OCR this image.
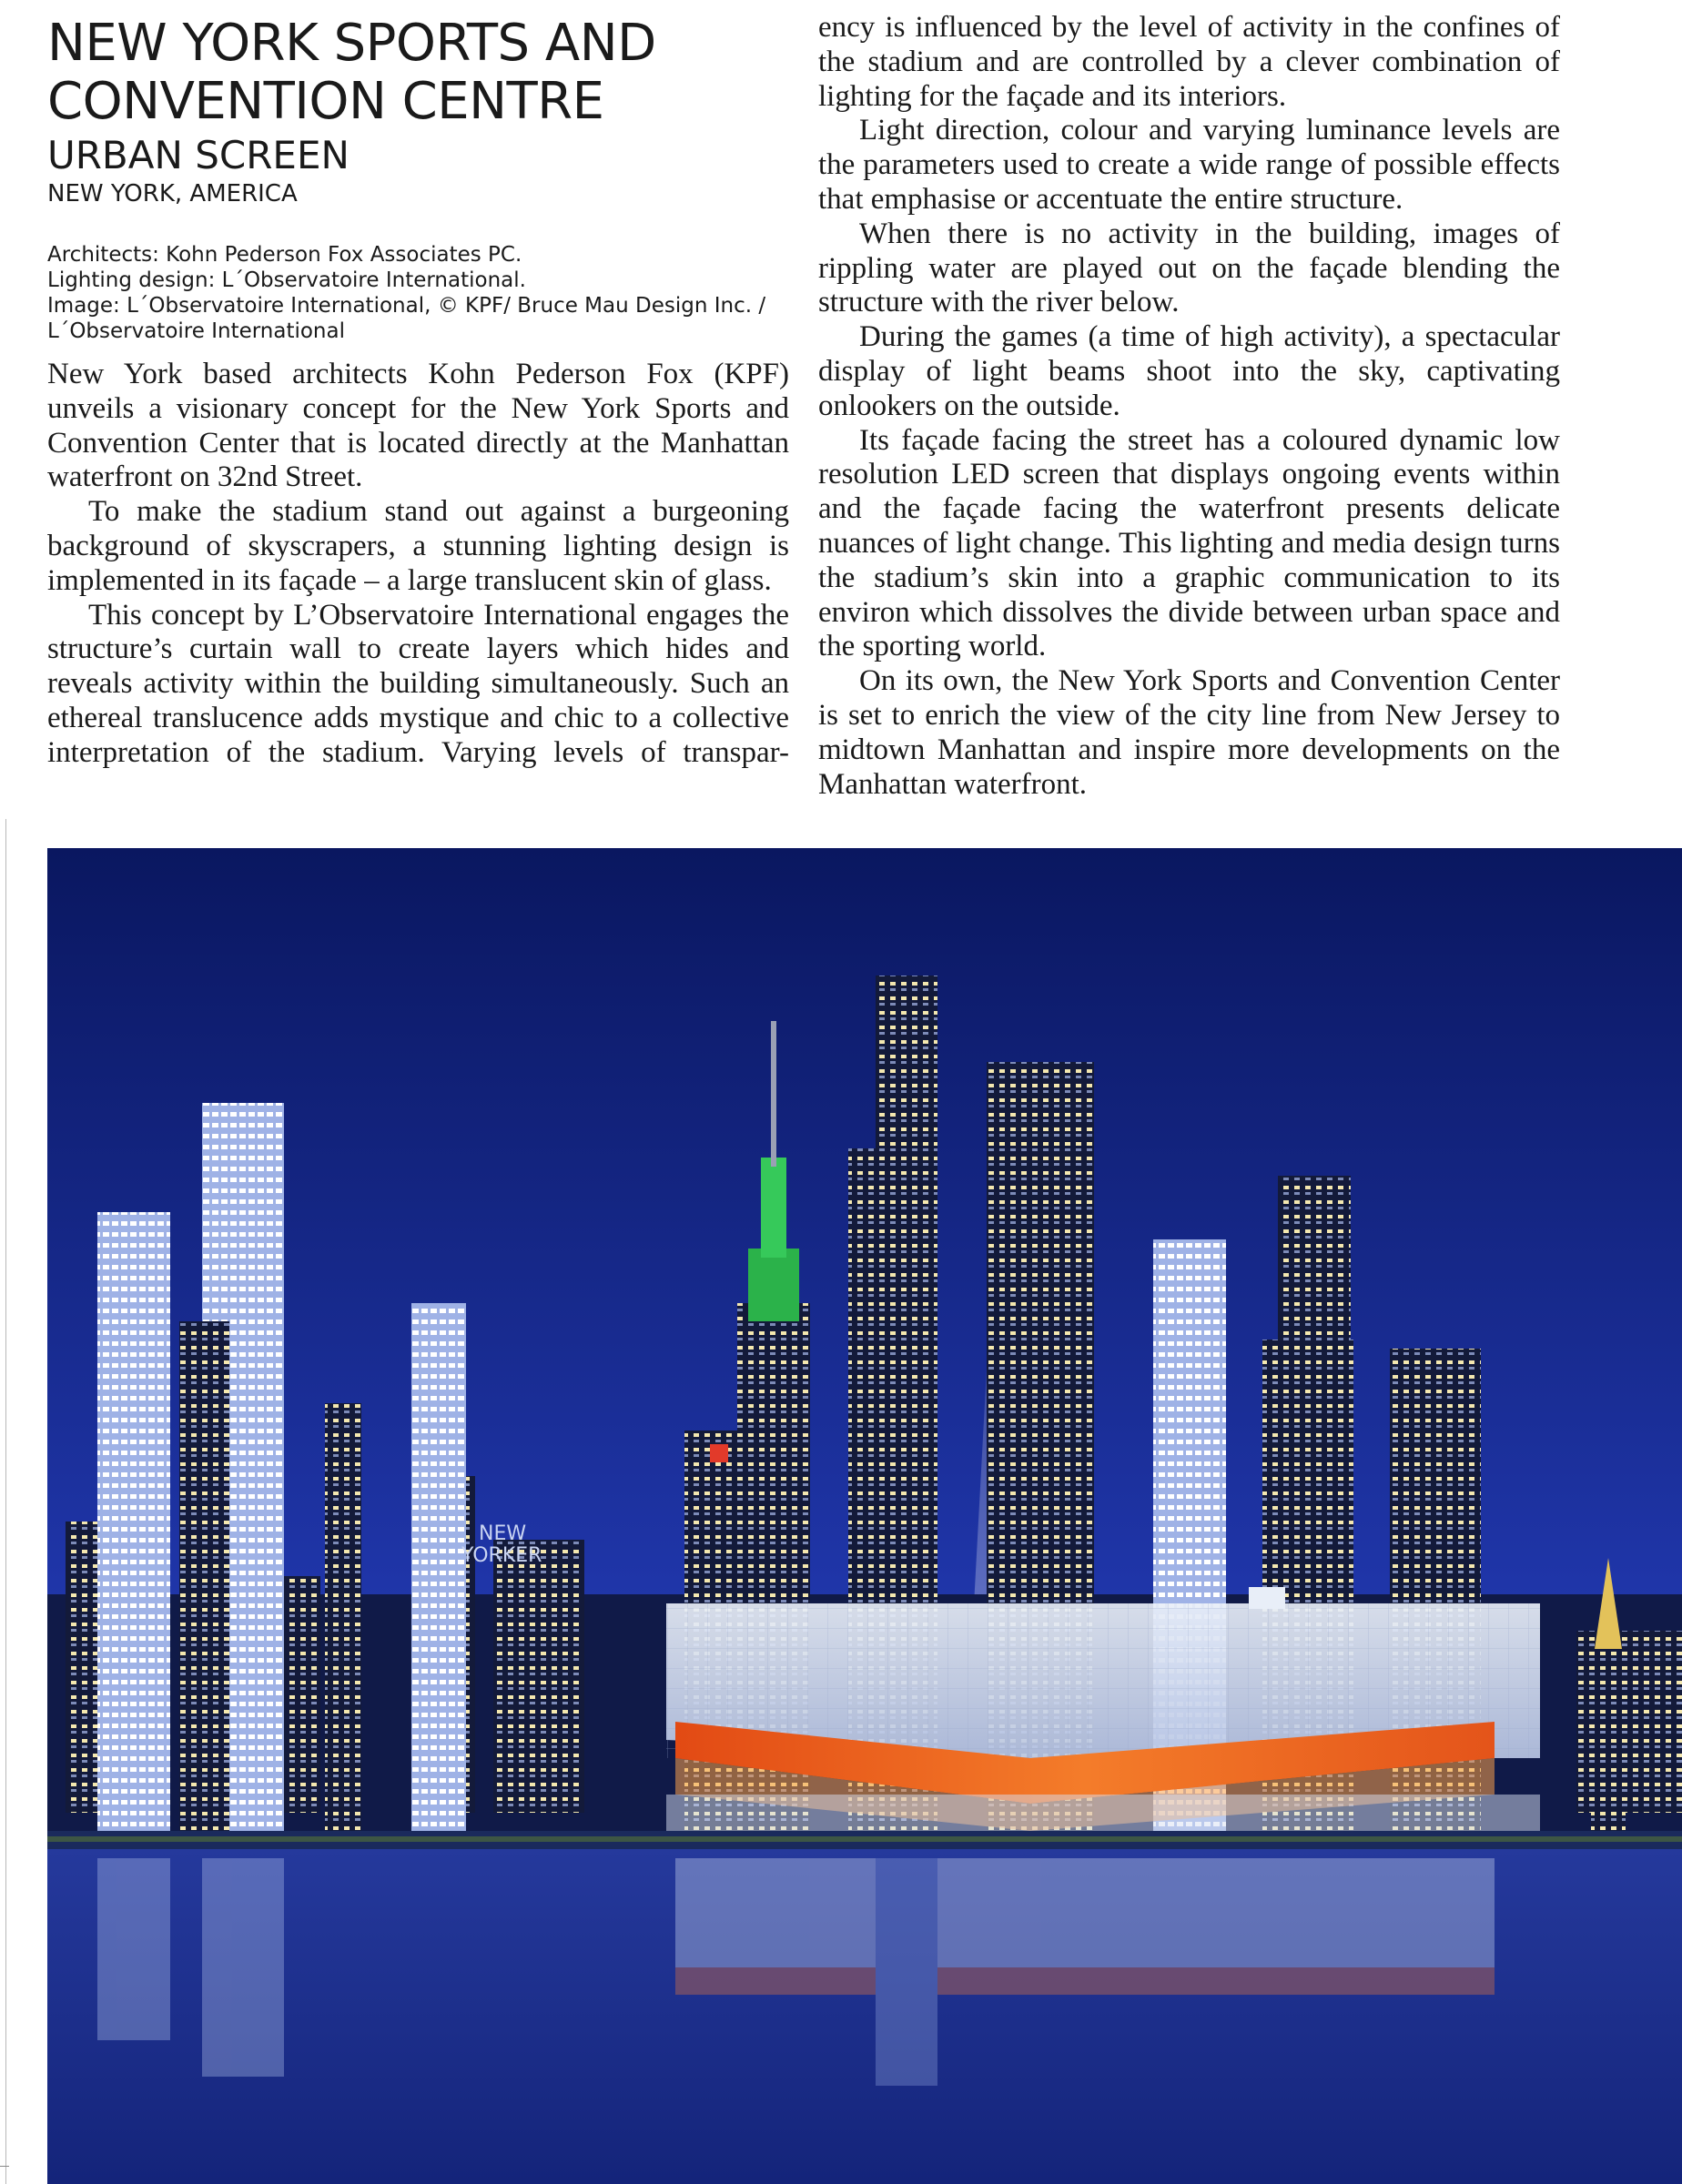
NEW YORK SPORTS AND
CONVENTION CENTRE
URBAN SCREEN
NEW YORK, AMERICA
Architects: Kohn Pederson Fox Associates PC.
Lighting design: L´Observatoire International.
Image: L´Observatoire International, © KPF/ Bruce Mau Design Inc. /
L´Observatoire International

New York based architects Kohn Pederson Fox (KPF) unveils a visionary concept for the New York Sports and Convention Center that is located directly at the Manhattan waterfront on 32nd Street.

To make the stadium stand out against a burgeoning background of skyscrapers, a stunning lighting design is implemented in its façade – a large translucent skin of glass.

This concept by L’Observatoire International engages the structure’s curtain wall to create layers which hides and reveals activity within the building simultaneously. Such an ethereal translucence adds mystique and chic to a collective interpretation of the stadium. Varying levels of transpar-

ency is influenced by the level of activity in the confines of the stadium and are controlled by a clever combination of lighting for the façade and its interiors.

Light direction, colour and varying luminance levels are the parameters used to create a wide range of possible effects that emphasise or accentuate the entire structure.

When there is no activity in the building, images of rippling water are played out on the façade blending the structure with the river below.

During the games (a time of high activity), a spectacular display of light beams shoot into the sky, captivating onlookers on the outside.

Its façade facing the street has a coloured dynamic low resolution LED screen that displays ongoing events within and the façade facing the waterfront presents delicate nuances of light change. This lighting and media design turns the stadium’s skin into a graphic communication to its environ which dissolves the divide between urban space and the sporting world.

On its own, the New York Sports and Convention Center is set to enrich the view of the city line from New Jersey to midtown Manhattan and inspire more developments on the Manhattan waterfront.

NEW
YORKER
